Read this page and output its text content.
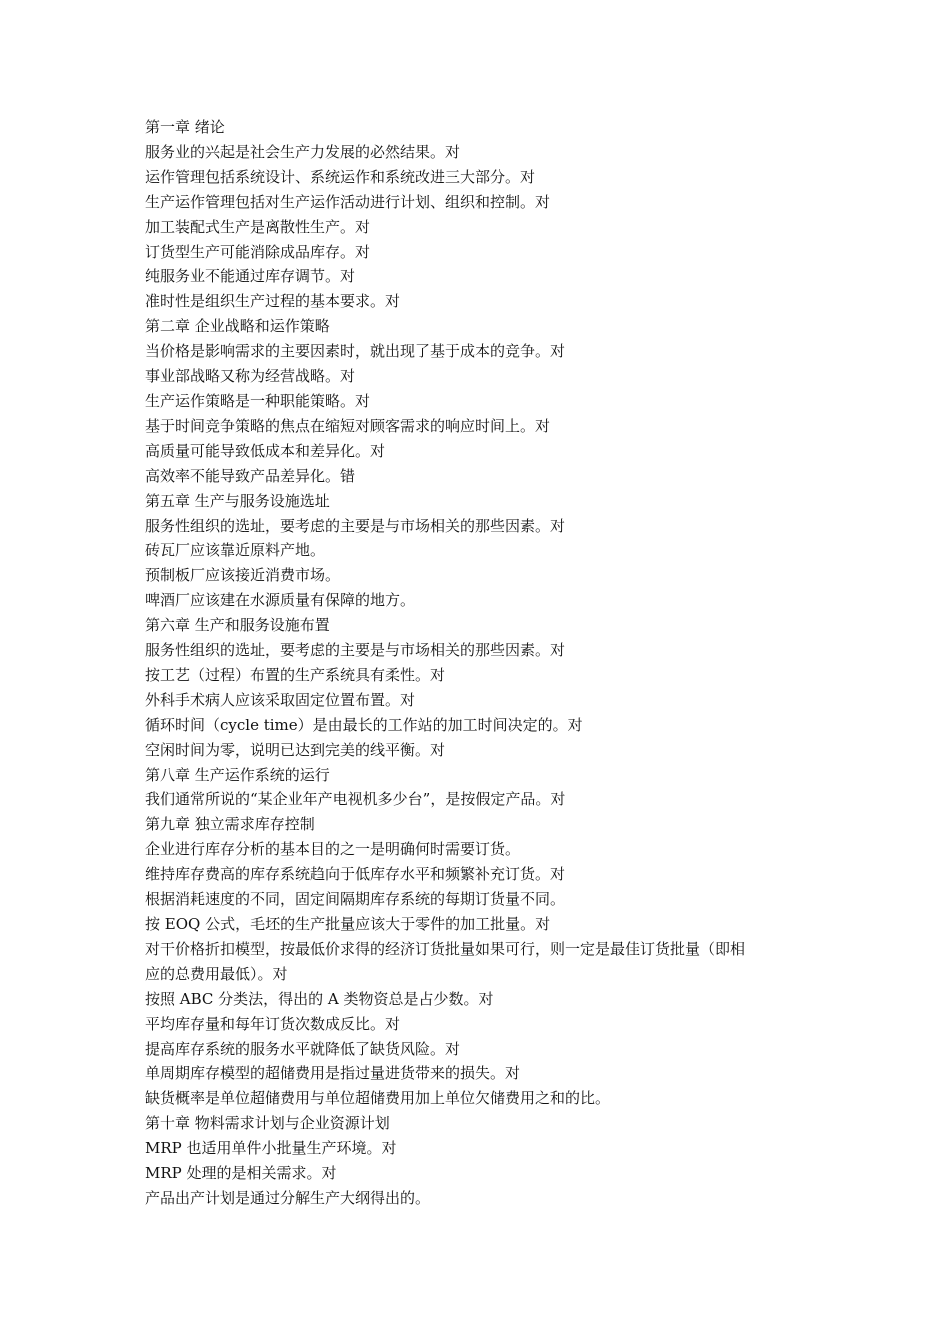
第一章 绪论
服务业的兴起是社会生产力发展的必然结果。对
运作管理包括系统设计、系统运作和系统改进三大部分。对
生产运作管理包括对生产运作活动进行计划、组织和控制。对
加工装配式生产是离散性生产。对
订货型生产可能消除成品库存。对
纯服务业不能通过库存调节。对
准时性是组织生产过程的基本要求。对
第二章 企业战略和运作策略
当价格是影响需求的主要因素时，就出现了基于成本的竞争。对
事业部战略又称为经营战略。对
生产运作策略是一种职能策略。对
基于时间竞争策略的焦点在缩短对顾客需求的响应时间上。对
高质量可能导致低成本和差异化。对
高效率不能导致产品差异化。错
第五章 生产与服务设施选址
服务性组织的选址，要考虑的主要是与市场相关的那些因素。对
砖瓦厂应该靠近原料产地。
预制板厂应该接近消费市场。
啤酒厂应该建在水源质量有保障的地方。
第六章 生产和服务设施布置
服务性组织的选址，要考虑的主要是与市场相关的那些因素。对
按工艺（过程）布置的生产系统具有柔性。对
外科手术病人应该采取固定位置布置。对
循环时间（cycle time）是由最长的工作站的加工时间决定的。对
空闲时间为零，说明已达到完美的线平衡。对
第八章 生产运作系统的运行
我们通常所说的“某企业年产电视机多少台”，是按假定产品。对
第九章 独立需求库存控制
企业进行库存分析的基本目的之一是明确何时需要订货。
维持库存费高的库存系统趋向于低库存水平和频繁补充订货。对
根据消耗速度的不同，固定间隔期库存系统的每期订货量不同。
按 EOQ 公式，毛坯的生产批量应该大于零件的加工批量。对
对干价格折扣模型，按最低价求得的经济订货批量如果可行，则一定是最佳订货批量（即相
应的总费用最低）。对
按照 ABC 分类法，得出的 A 类物资总是占少数。对
平均库存量和每年订货次数成反比。对
提高库存系统的服务水平就降低了缺货风险。对
单周期库存模型的超储费用是指过量进货带来的损失。对
缺货概率是单位超储费用与单位超储费用加上单位欠储费用之和的比。
第十章 物料需求计划与企业资源计划
MRP 也适用单件小批量生产环境。对
MRP 处理的是相关需求。对
产品出产计划是通过分解生产大纲得出的。
